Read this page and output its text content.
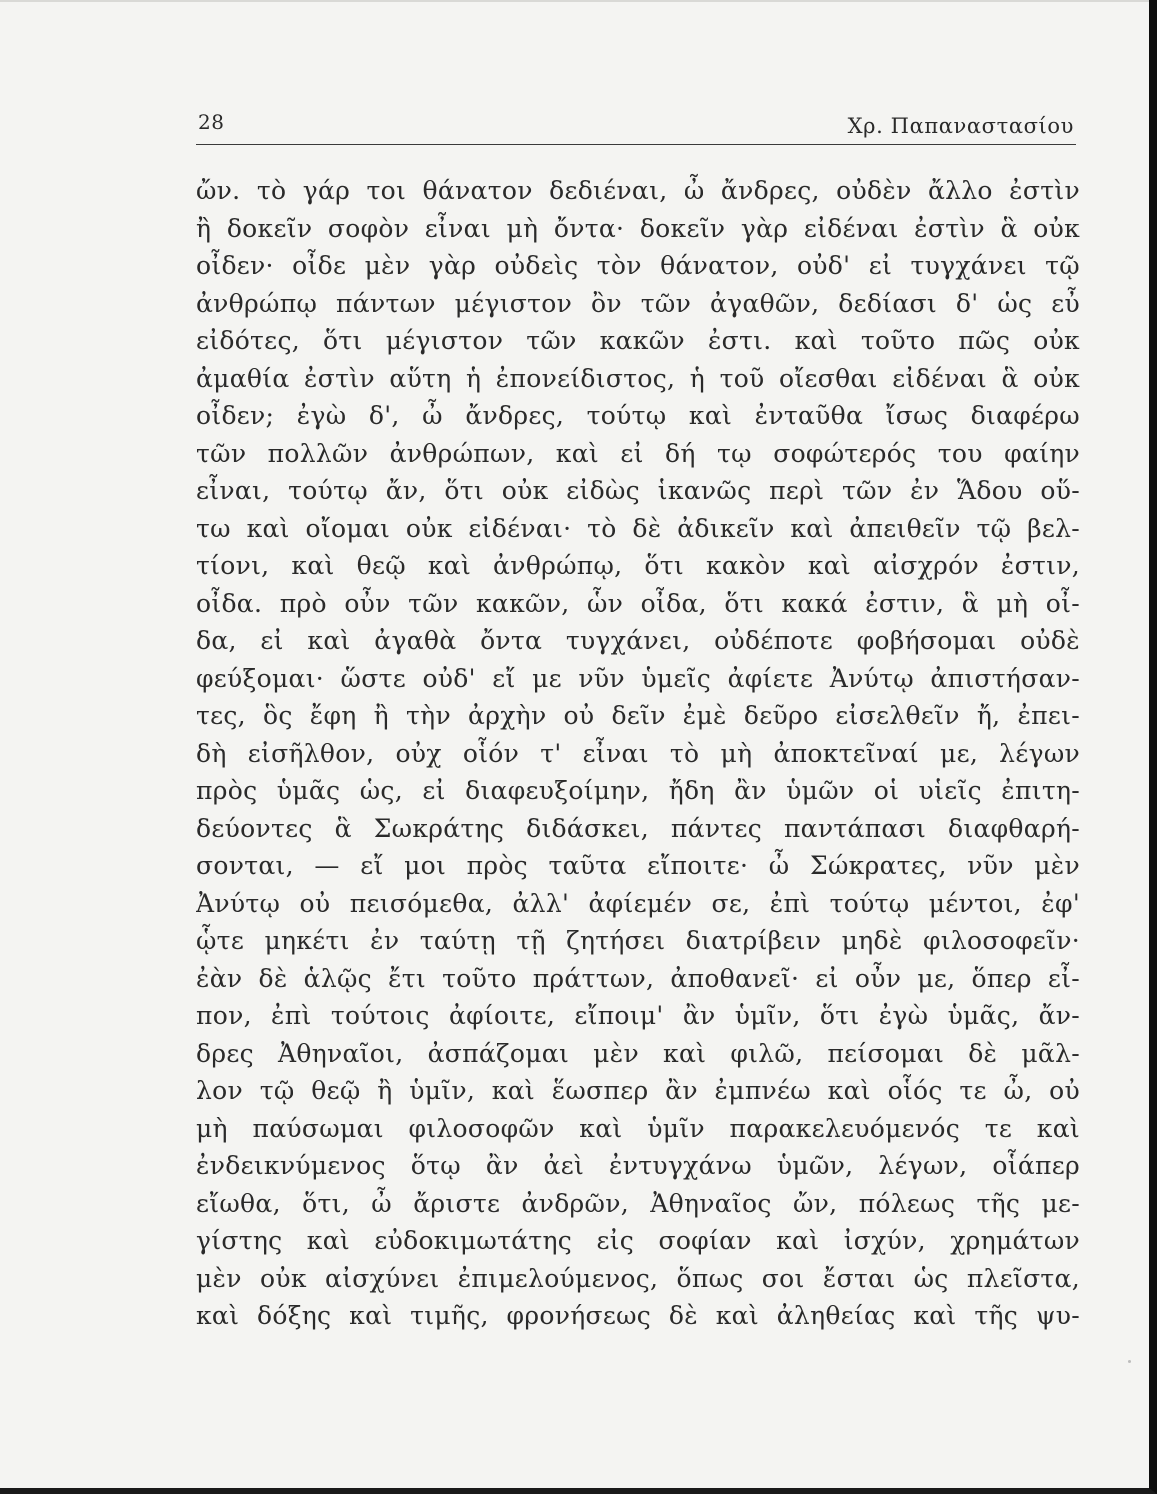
28	Χρ. Παπαναστασίου
ὤν. τὸ γάρ τοι θάνατον δεδιέναι, ὦ ἄνδρες, οὐδὲν ἄλλο ἐστὶν
ἢ δοκεῖν σοφὸν εἶναι μὴ ὄντα· δοκεῖν γὰρ εἰδέναι ἐστὶν ἃ οὐκ
οἶδεν· οἶδε μὲν γὰρ οὐδεὶς τὸν θάνατον, οὐδ' εἰ τυγχάνει τῷ
ἀνθρώπῳ πάντων μέγιστον ὂν τῶν ἀγαθῶν, δεδίασι δ' ὡς εὖ
εἰδότες, ὅτι μέγιστον τῶν κακῶν ἐστι. καὶ τοῦτο πῶς οὐκ
ἀμαθία ἐστὶν αὕτη ἡ ἐπονείδιστος, ἡ τοῦ οἴεσθαι εἰδέναι ἃ οὐκ
οἶδεν; ἐγὼ δ', ὦ ἄνδρες, τούτῳ καὶ ἐνταῦθα ἴσως διαφέρω
τῶν πολλῶν ἀνθρώπων, καὶ εἰ δή τῳ σοφώτερός του φαίην
εἶναι, τούτῳ ἄν, ὅτι οὐκ εἰδὼς ἱκανῶς περὶ τῶν ἐν Ἅδου οὕ-
τω καὶ οἴομαι οὐκ εἰδέναι· τὸ δὲ ἀδικεῖν καὶ ἀπειθεῖν τῷ βελ-
τίονι, καὶ θεῷ καὶ ἀνθρώπῳ, ὅτι κακὸν καὶ αἰσχρόν ἐστιν,
οἶδα. πρὸ οὖν τῶν κακῶν, ὧν οἶδα, ὅτι κακά ἐστιν, ἃ μὴ οἶ-
δα, εἰ καὶ ἀγαθὰ ὄντα τυγχάνει, οὐδέποτε φοβήσομαι οὐδὲ
φεύξομαι· ὥστε οὐδ' εἴ με νῦν ὑμεῖς ἀφίετε Ἀνύτῳ ἀπιστήσαν-
τες, ὃς ἔφη ἢ τὴν ἀρχὴν οὐ δεῖν ἐμὲ δεῦρο εἰσελθεῖν ἤ, ἐπει-
δὴ εἰσῆλθον, οὐχ οἷόν τ' εἶναι τὸ μὴ ἀποκτεῖναί με, λέγων
πρὸς ὑμᾶς ὡς, εἰ διαφευξοίμην, ἤδη ἂν ὑμῶν οἱ υἱεῖς ἐπιτη-
δεύοντες ἃ Σωκράτης διδάσκει, πάντες παντάπασι διαφθαρή-
σονται, — εἴ μοι πρὸς ταῦτα εἴποιτε· ὦ Σώκρατες, νῦν μὲν
Ἀνύτῳ οὐ πεισόμεθα, ἀλλ' ἀφίεμέν σε, ἐπὶ τούτῳ μέντοι, ἐφ'
ᾧτε μηκέτι ἐν ταύτῃ τῇ ζητήσει διατρίβειν μηδὲ φιλοσοφεῖν·
ἐὰν δὲ ἁλῷς ἔτι τοῦτο πράττων, ἀποθανεῖ· εἰ οὖν με, ὅπερ εἶ-
πον, ἐπὶ τούτοις ἀφίοιτε, εἴποιμ' ἂν ὑμῖν, ὅτι ἐγὼ ὑμᾶς, ἄν-
δρες Ἀθηναῖοι, ἀσπάζομαι μὲν καὶ φιλῶ, πείσομαι δὲ μᾶλ-
λον τῷ θεῷ ἢ ὑμῖν, καὶ ἕωσπερ ἂν ἐμπνέω καὶ οἷός τε ὦ, οὐ
μὴ παύσωμαι φιλοσοφῶν καὶ ὑμῖν παρακελευόμενός τε καὶ
ἐνδεικνύμενος ὅτῳ ἂν ἀεὶ ἐντυγχάνω ὑμῶν, λέγων, οἷάπερ
εἴωθα, ὅτι, ὦ ἄριστε ἀνδρῶν, Ἀθηναῖος ὤν, πόλεως τῆς με-
γίστης καὶ εὐδοκιμωτάτης εἰς σοφίαν καὶ ἰσχύν, χρημάτων
μὲν οὐκ αἰσχύνει ἐπιμελούμενος, ὅπως σοι ἔσται ὡς πλεῖστα,
καὶ δόξης καὶ τιμῆς, φρονήσεως δὲ καὶ ἀληθείας καὶ τῆς ψυ-
